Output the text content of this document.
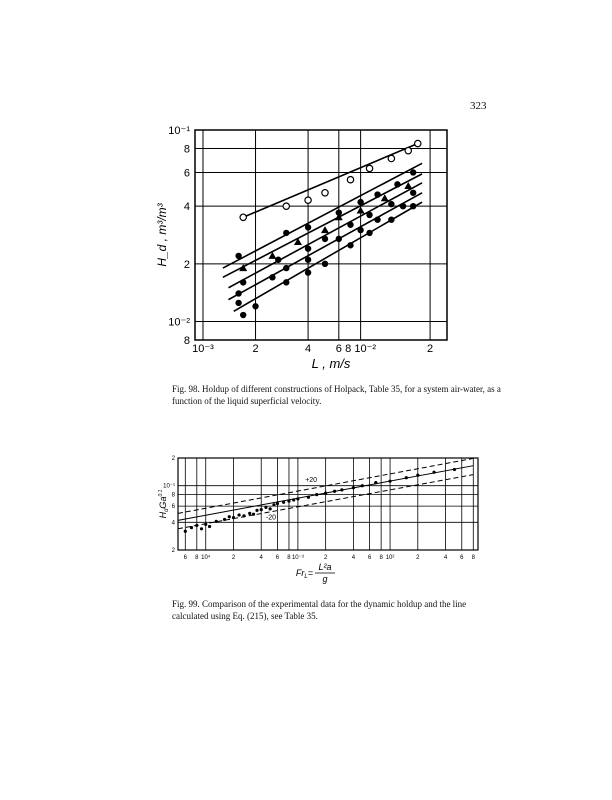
323
10⁻³	2	4 6 8 10⁻²	2
10⁻¹
8
6
4
2
10⁻²
8
L , m/s
H_d , m³/m³
Fig. 98. Holdup of different constructions of Holpack, Table 35, for a system air-water, as a function of the liquid superficial velocity.
6 8 10⁴	2	4 6 8 10⁻³	2	4 6 8 10²	2	4 6 8
2
10⁻¹
8
6
4
2
$H_dGa^{0.1}$
$Fr_L=$
L²a
g
+20
-20
Fig. 99. Comparison of the experimental data for the dynamic holdup and the line calculated using Eq. (215), see Table 35.
